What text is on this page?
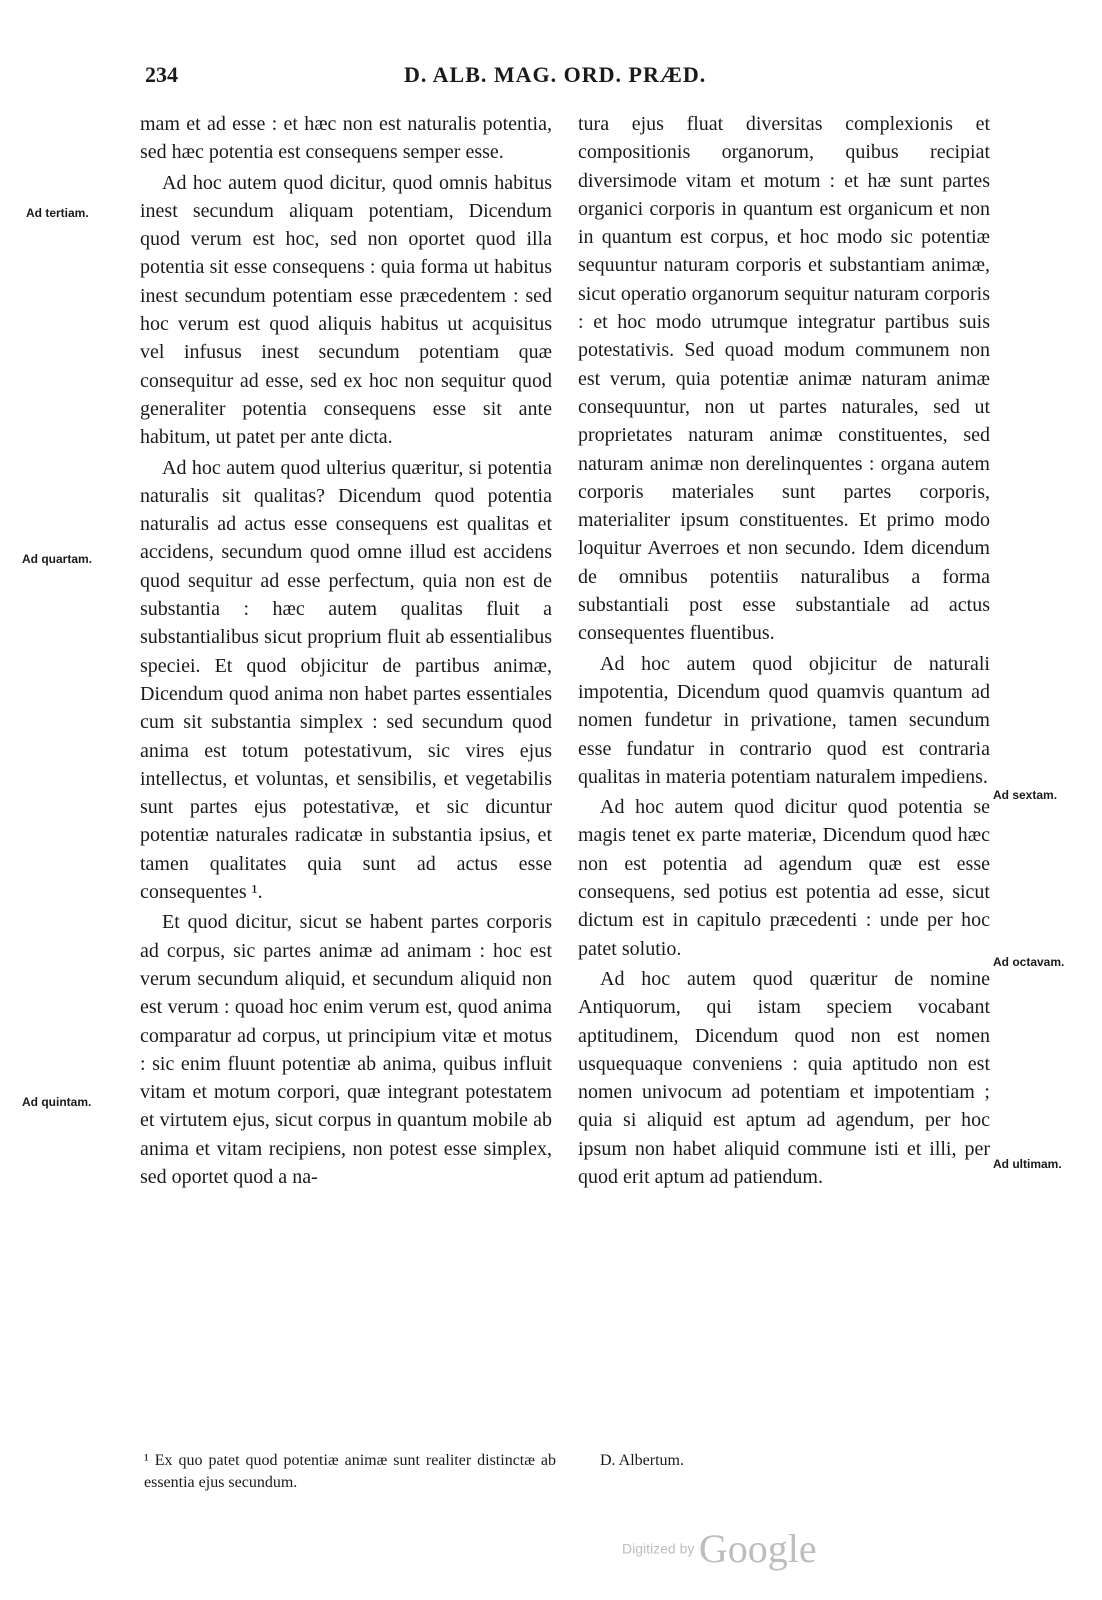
234	D. ALB. MAG. ORD. PRÆD.

mam et ad esse : et hæc non est naturalis potentia, sed hæc potentia est consequens semper esse.

Ad hoc autem quod dicitur, quod omnis habitus inest secundum aliquam potentiam, Dicendum quod verum est hoc, sed non oportet quod illa potentia sit esse consequens : quia forma ut habitus inest secundum potentiam esse præcedentem : sed hoc verum est quod aliquis habitus ut acquisitus vel infusus inest secundum potentiam quæ consequitur ad esse, sed ex hoc non sequitur quod generaliter potentia consequens esse sit ante habitum, ut patet per ante dicta.

Ad hoc autem quod ulterius quæritur, si potentia naturalis sit qualitas? Dicendum quod potentia naturalis ad actus esse consequens est qualitas et accidens, secundum quod omne illud est accidens quod sequitur ad esse perfectum, quia non est de substantia : hæc autem qualitas fluit a substantialibus sicut proprium fluit ab essentialibus speciei. Et quod objicitur de partibus animæ, Dicendum quod anima non habet partes essentiales cum sit substantia simplex : sed secundum quod anima est totum potestativum, sic vires ejus intellectus, et voluntas, et sensibilis, et vegetabilis sunt partes ejus potestativæ, et sic dicuntur potentiæ naturales radicatæ in substantia ipsius, et tamen qualitates quia sunt ad actus esse consequentes ¹.

Et quod dicitur, sicut se habent partes corporis ad corpus, sic partes animæ ad animam : hoc est verum secundum aliquid, et secundum aliquid non est verum : quoad hoc enim verum est, quod anima comparatur ad corpus, ut principium vitæ et motus : sic enim fluunt potentiæ ab anima, quibus influit vitam et motum corpori, quæ integrant potestatem et virtutem ejus, sicut corpus in quantum mobile ab anima et vitam recipiens, non potest esse simplex, sed oportet quod a na-

tura ejus fluat diversitas complexionis et compositionis organorum, quibus recipiat diversimode vitam et motum : et hæ sunt partes organici corporis in quantum est organicum et non in quantum est corpus, et hoc modo sic potentiæ sequuntur naturam corporis et substantiam animæ, sicut operatio organorum sequitur naturam corporis : et hoc modo utrumque integratur partibus suis potestativis. Sed quoad modum communem non est verum, quia potentiæ animæ naturam animæ consequuntur, non ut partes naturales, sed ut proprietates naturam animæ constituentes, sed naturam animæ non derelinquentes : organa autem corporis materiales sunt partes corporis, materialiter ipsum constituentes. Et primo modo loquitur Averroes et non secundo. Idem dicendum de omnibus potentiis naturalibus a forma substantiali post esse substantiale ad actus consequentes fluentibus.

Ad hoc autem quod objicitur de naturali impotentia, Dicendum quod quamvis quantum ad nomen fundetur in privatione, tamen secundum esse fundatur in contrario quod est contraria qualitas in materia potentiam naturalem impediens.

Ad hoc autem quod dicitur quod potentia se magis tenet ex parte materiæ, Dicendum quod hæc non est potentia ad agendum quæ est esse consequens, sed potius est potentia ad esse, sicut dictum est in capitulo præcedenti : unde per hoc patet solutio.

Ad hoc autem quod quæritur de nomine Antiquorum, qui istam speciem vocabant aptitudinem, Dicendum quod non est nomen usquequaque conveniens : quia aptitudo non est nomen univocum ad potentiam et impotentiam ; quia si aliquid est aptum ad agendum, per hoc ipsum non habet aliquid commune isti et illi, per quod erit aptum ad patiendum.

Ad tertiam.
Ad quartam.
Ad quintam.
Ad sextam.
Ad octavam.
Ad ultimam.
¹ Ex quo patet quod potentiæ animæ sunt realiter distinctæ ab essentia ejus secundum.
D. Albertum.
Digitized by Google
